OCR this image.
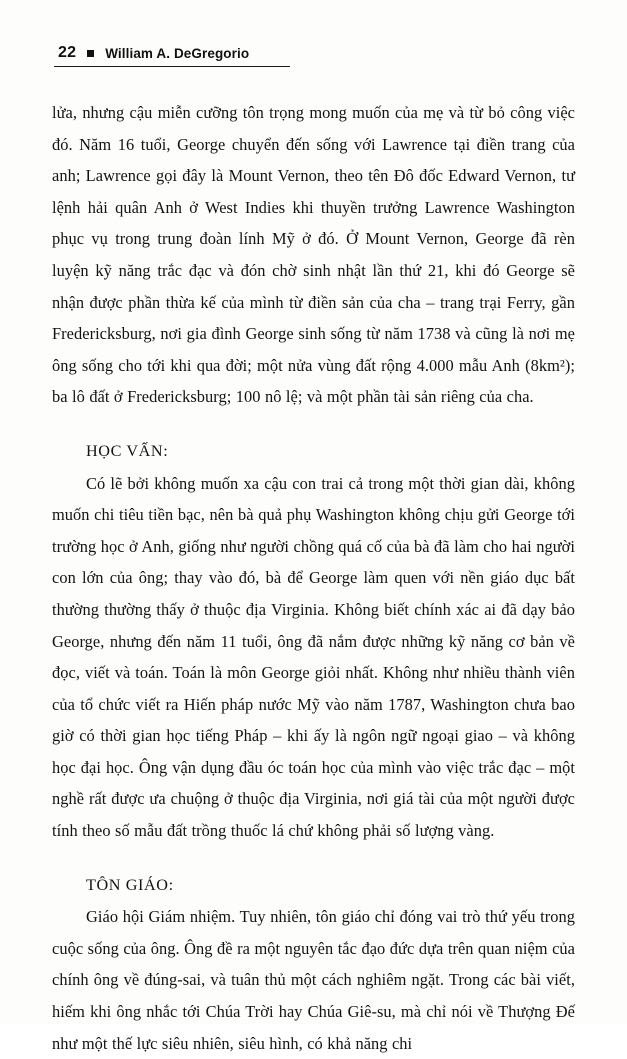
22 William A. DeGregorio

lửa, nhưng cậu miễn cưỡng tôn trọng mong muốn của mẹ và từ bỏ công việc đó. Năm 16 tuổi, George chuyển đến sống với Lawrence tại điền trang của anh; Lawrence gọi đây là Mount Vernon, theo tên Đô đốc Edward Vernon, tư lệnh hải quân Anh ở West Indies khi thuyền trưởng Lawrence Washington phục vụ trong trung đoàn lính Mỹ ở đó. Ở Mount Vernon, George đã rèn luyện kỹ năng trắc đạc và đón chờ sinh nhật lần thứ 21, khi đó George sẽ nhận được phần thừa kế của mình từ điền sản của cha – trang trại Ferry, gần Fredericksburg, nơi gia đình George sinh sống từ năm 1738 và cũng là nơi mẹ ông sống cho tới khi qua đời; một nửa vùng đất rộng 4.000 mẫu Anh (8km²); ba lô đất ở Fredericksburg; 100 nô lệ; và một phần tài sản riêng của cha.

HỌC VẤN:

Có lẽ bởi không muốn xa cậu con trai cả trong một thời gian dài, không muốn chi tiêu tiền bạc, nên bà quả phụ Washington không chịu gửi George tới trường học ở Anh, giống như người chồng quá cố của bà đã làm cho hai người con lớn của ông; thay vào đó, bà để George làm quen với nền giáo dục bất thường thường thấy ở thuộc địa Virginia. Không biết chính xác ai đã dạy bảo George, nhưng đến năm 11 tuổi, ông đã nắm được những kỹ năng cơ bản về đọc, viết và toán. Toán là môn George giỏi nhất. Không như nhiều thành viên của tổ chức viết ra Hiến pháp nước Mỹ vào năm 1787, Washington chưa bao giờ có thời gian học tiếng Pháp – khi ấy là ngôn ngữ ngoại giao – và không học đại học. Ông vận dụng đầu óc toán học của mình vào việc trắc đạc – một nghề rất được ưa chuộng ở thuộc địa Virginia, nơi giá tài của một người được tính theo số mẫu đất trồng thuốc lá chứ không phải số lượng vàng.

TÔN GIÁO:

Giáo hội Giám nhiệm. Tuy nhiên, tôn giáo chỉ đóng vai trò thứ yếu trong cuộc sống của ông. Ông đề ra một nguyên tắc đạo đức dựa trên quan niệm của chính ông về đúng-sai, và tuân thủ một cách nghiêm ngặt. Trong các bài viết, hiếm khi ông nhắc tới Chúa Trời hay Chúa Giê-su, mà chỉ nói về Thượng Đế như một thế lực siêu nhiên, siêu hình, có khả năng chi
